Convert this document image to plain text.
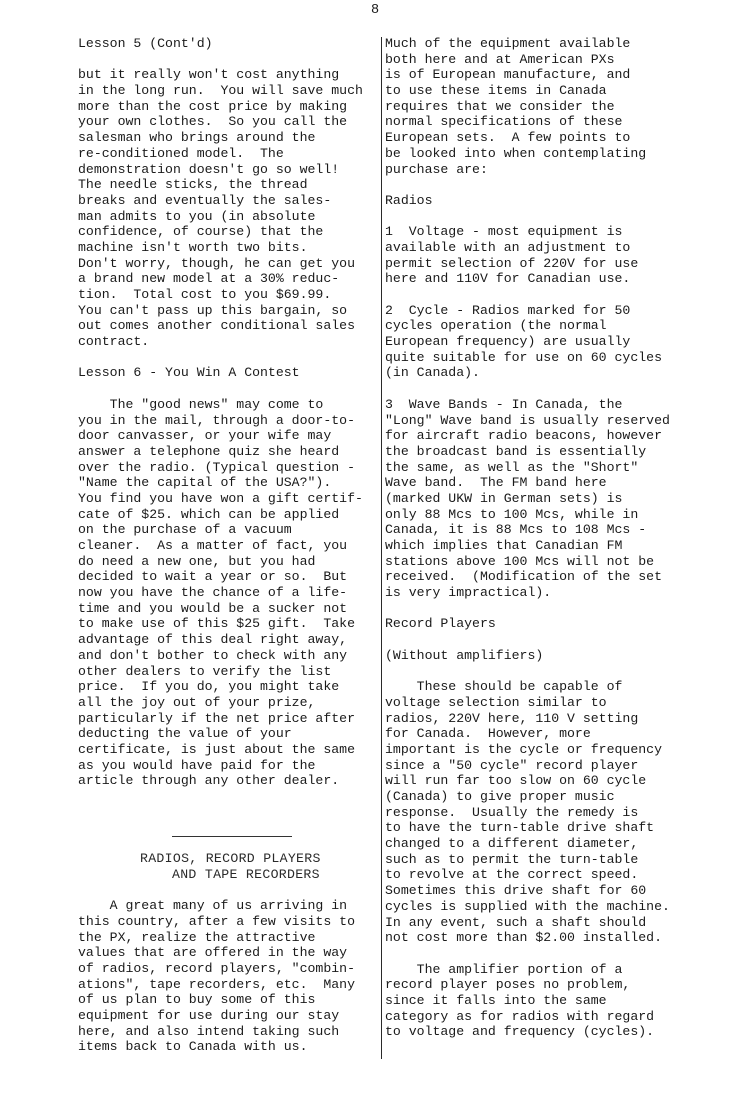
8
Lesson 5 (Cont'd)
but it really won't cost anything
in the long run.  You will save much
more than the cost price by making
your own clothes.  So you call the
salesman who brings around the
re-conditioned model.  The
demonstration doesn't go so well!
The needle sticks, the thread
breaks and eventually the sales-
man admits to you (in absolute
confidence, of course) that the
machine isn't worth two bits.
Don't worry, though, he can get you
a brand new model at a 30% reduc-
tion.  Total cost to you $69.99.
You can't pass up this bargain, so
out comes another conditional sales
contract.
Lesson 6 - You Win A Contest
The "good news" may come to
you in the mail, through a door-to-
door canvasser, or your wife may
answer a telephone quiz she heard
over the radio. (Typical question -
"Name the capital of the USA?").
You find you have won a gift certif-
cate of $25. which can be applied
on the purchase of a vacuum
cleaner.  As a matter of fact, you
do need a new one, but you had
decided to wait a year or so.  But
now you have the chance of a life-
time and you would be a sucker not
to make use of this $25 gift.  Take
advantage of this deal right away,
and don't bother to check with any
other dealers to verify the list
price.  If you do, you might take
all the joy out of your prize,
particularly if the net price after
deducting the value of your
certificate, is just about the same
as you would have paid for the
article through any other dealer.
RADIOS, RECORD PLAYERS
AND TAPE RECORDERS
A great many of us arriving in
this country, after a few visits to
the PX, realize the attractive
values that are offered in the way
of radios, record players, "combin-
ations", tape recorders, etc.  Many
of us plan to buy some of this
equipment for use during our stay
here, and also intend taking such
items back to Canada with us.
Much of the equipment available
both here and at American PXs
is of European manufacture, and
to use these items in Canada
requires that we consider the
normal specifications of these
European sets.  A few points to
be looked into when contemplating
purchase are:
Radios
1  Voltage - most equipment is
available with an adjustment to
permit selection of 220V for use
here and 110V for Canadian use.
2  Cycle - Radios marked for 50
cycles operation (the normal
European frequency) are usually
quite suitable for use on 60 cycles
(in Canada).
3  Wave Bands - In Canada, the
"Long" Wave band is usually reserved
for aircraft radio beacons, however
the broadcast band is essentially
the same, as well as the "Short"
Wave band.  The FM band here
(marked UKW in German sets) is
only 88 Mcs to 100 Mcs, while in
Canada, it is 88 Mcs to 108 Mcs -
which implies that Canadian FM
stations above 100 Mcs will not be
received.  (Modification of the set
is very impractical).
Record Players
(Without amplifiers)
These should be capable of
voltage selection similar to
radios, 220V here, 110 V setting
for Canada.  However, more
important is the cycle or frequency
since a "50 cycle" record player
will run far too slow on 60 cycle
(Canada) to give proper music
response.  Usually the remedy is
to have the turn-table drive shaft
changed to a different diameter,
such as to permit the turn-table
to revolve at the correct speed.
Sometimes this drive shaft for 60
cycles is supplied with the machine.
In any event, such a shaft should
not cost more than $2.00 installed.
The amplifier portion of a
record player poses no problem,
since it falls into the same
category as for radios with regard
to voltage and frequency (cycles).
